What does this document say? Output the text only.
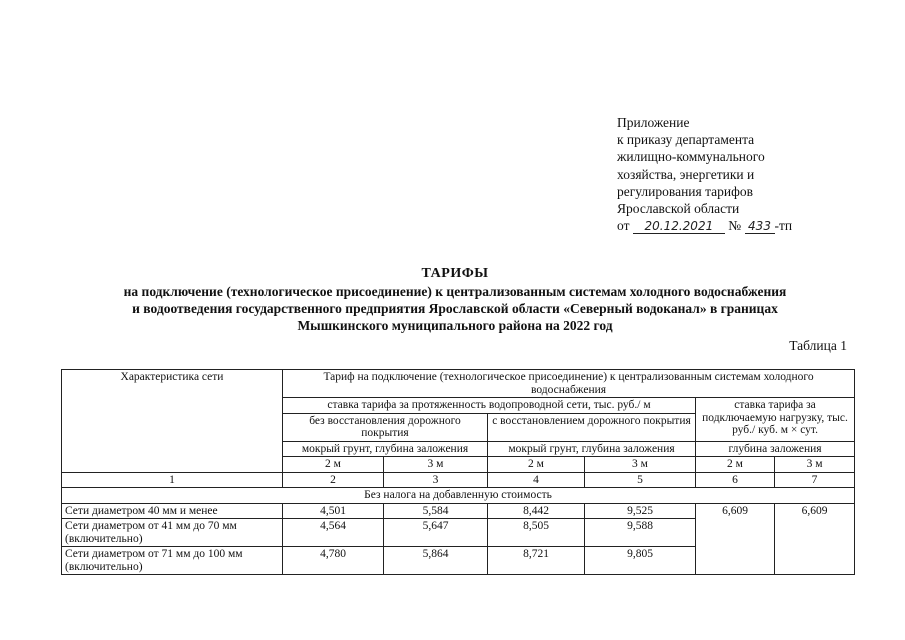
Приложение
к приказу департамента
жилищно-коммунального
хозяйства, энергетики и
регулирования тарифов
Ярославской области
от 20.12.2021 № 433 -тп
ТАРИФЫ
на подключение (технологическое присоединение) к централизованным системам холодного водоснабжения
и водоотведения государственного предприятия Ярославской области «Северный водоканал» в границах
Мышкинского муниципального района на 2022 год
Таблица 1
Характеристика сети	Тариф на подключение (технологическое присоединение) к централизованным системам холодного водоснабжения					
	ставка тарифа за протяженность водопроводной сети, тыс. руб./ м				ставка тарифа за подключаемую нагрузку, тыс. руб./ куб. м × сут.	
	без восстановления дорожного покрытия		с восстановлением дорожного покрытия			
	мокрый грунт, глубина заложения		мокрый грунт, глубина заложения		глубина заложения	
	2 м	3 м	2 м	3 м	2 м	3 м
1	2	3	4	5	6	7
Без налога на добавленную стоимость						
Сети диаметром 40 мм и менее	4,501	5,584	8,442	9,525	6,609	6,609
Сети диаметром от 41 мм до 70 мм (включительно)	4,564	5,647	8,505	9,588		
Сети диаметром от 71 мм до 100 мм (включительно)	4,780	5,864	8,721	9,805		
